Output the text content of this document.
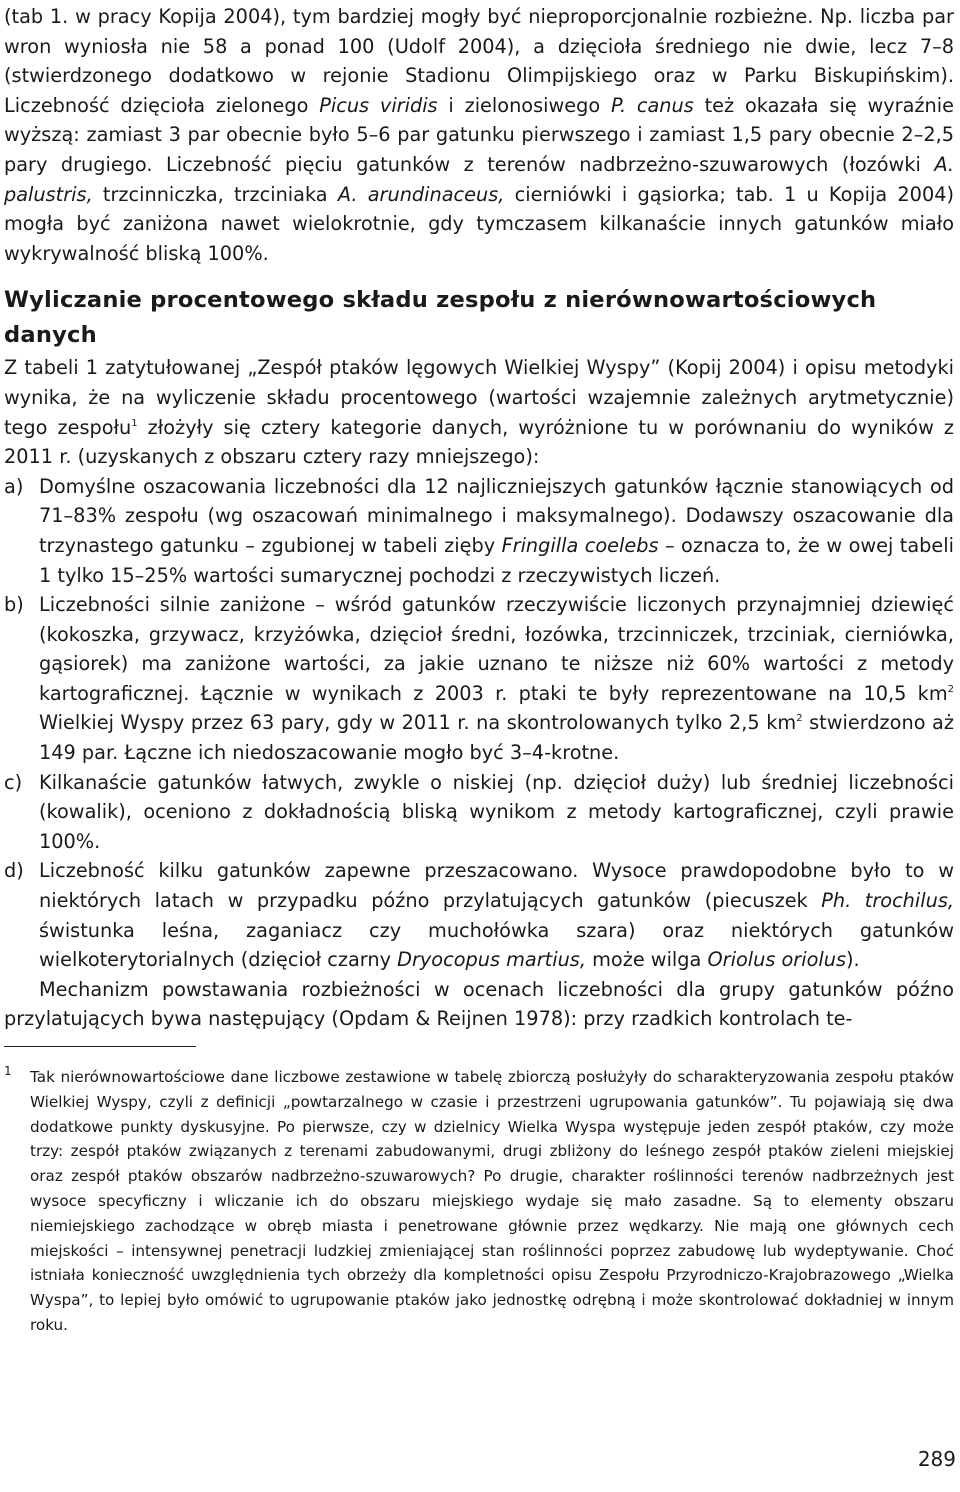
(tab 1. w pracy Kopija 2004), tym bardziej mogły być nieproporcjonalnie rozbieżne. Np. liczba par wron wyniosła nie 58 a ponad 100 (Udolf 2004), a dzięcioła średniego nie dwie, lecz 7–8 (stwierdzonego dodatkowo w rejonie Stadionu Olimpijskiego oraz w Parku Biskupińskim). Liczebność dzięcioła zielonego Picus viridis i zielonosiwego P. canus też okazała się wyraźnie wyższą: zamiast 3 par obecnie było 5–6 par gatunku pierwszego i zamiast 1,5 pary obecnie 2–2,5 pary drugiego. Liczebność pięciu gatunków z terenów nadbrzeżno-szuwarowych (łozówki A. palustris, trzcinniczka, trzciniaka A. arundinaceus, cierniówki i gąsiorka; tab. 1 u Kopija 2004) mogła być zaniżona nawet wielokrotnie, gdy tymczasem kilkanaście innych gatunków miało wykrywalność bliską 100%.

Wyliczanie procentowego składu zespołu z nierównowartościowych danych

Z tabeli 1 zatytułowanej „Zespół ptaków lęgowych Wielkiej Wyspy” (Kopij 2004) i opisu metodyki wynika, że na wyliczenie składu procentowego (wartości wzajemnie zależnych arytmetycznie) tego zespołu$^1$ złożyły się cztery kategorie danych, wyróżnione tu w porównaniu do wyników z 2011 r. (uzyskanych z obszaru cztery razy mniejszego):

a) Domyślne oszacowania liczebności dla 12 najliczniejszych gatunków łącznie stanowiących od 71–83% zespołu (wg oszacowań minimalnego i maksymalnego). Dodawszy oszacowanie dla trzynastego gatunku – zgubionej w tabeli zięby Fringilla coelebs – oznacza to, że w owej tabeli 1 tylko 15–25% wartości sumarycznej pochodzi z rzeczywistych liczeń.
b) Liczebności silnie zaniżone – wśród gatunków rzeczywiście liczonych przynajmniej dziewięć (kokoszka, grzywacz, krzyżówka, dzięcioł średni, łozówka, trzcinniczek, trzciniak, cierniówka, gąsiorek) ma zaniżone wartości, za jakie uznano te niższe niż 60% wartości z metody kartograficznej. Łącznie w wynikach z 2003 r. ptaki te były reprezentowane na 10,5 $km^2$ Wielkiej Wyspy przez 63 pary, gdy w 2011 r. na skontrolowanych tylko 2,5 $km^2$ stwierdzono aż 149 par. Łączne ich niedoszacowanie mogło być 3–4-krotne.
c) Kilkanaście gatunków łatwych, zwykle o niskiej (np. dzięcioł duży) lub średniej liczebności (kowalik), oceniono z dokładnością bliską wynikom z metody kartograficznej, czyli prawie 100%.
d) Liczebność kilku gatunków zapewne przeszacowano. Wysoce prawdopodobne było to w niektórych latach w przypadku późno przylatujących gatunków (piecuszek Ph. trochilus, świstunka leśna, zaganiacz czy muchołówka szara) oraz niektórych gatunków wielkoterytorialnych (dzięcioł czarny Dryocopus martius, może wilga Oriolus oriolus).

Mechanizm powstawania rozbieżności w ocenach liczebności dla grupy gatunków późno przylatujących bywa następujący (Opdam & Reijnen 1978): przy rzadkich kontrolach te-

1 Tak nierównowartościowe dane liczbowe zestawione w tabelę zbiorczą posłużyły do scharakteryzowania zespołu ptaków Wielkiej Wyspy, czyli z definicji „powtarzalnego w czasie i przestrzeni ugrupowania gatunków”. Tu pojawiają się dwa dodatkowe punkty dyskusyjne. Po pierwsze, czy w dzielnicy Wielka Wyspa występuje jeden zespół ptaków, czy może trzy: zespół ptaków związanych z terenami zabudowanymi, drugi zbliżony do leśnego zespół ptaków zieleni miejskiej oraz zespół ptaków obszarów nadbrzeżno-szuwarowych? Po drugie, charakter roślinności terenów nadbrzeżnych jest wysoce specyficzny i wliczanie ich do obszaru miejskiego wydaje się mało zasadne. Są to elementy obszaru niemiejskiego zachodzące w obręb miasta i penetrowane głównie przez wędkarzy. Nie mają one głównych cech miejskości – intensywnej penetracji ludzkiej zmieniającej stan roślinności poprzez zabudowę lub wydeptywanie. Choć istniała konieczność uwzględnienia tych obrzeży dla kompletności opisu Zespołu Przyrodniczo-Krajobrazowego „Wielka Wyspa”, to lepiej było omówić to ugrupowanie ptaków jako jednostkę odrębną i może skontrolować dokładniej w innym roku.

289
